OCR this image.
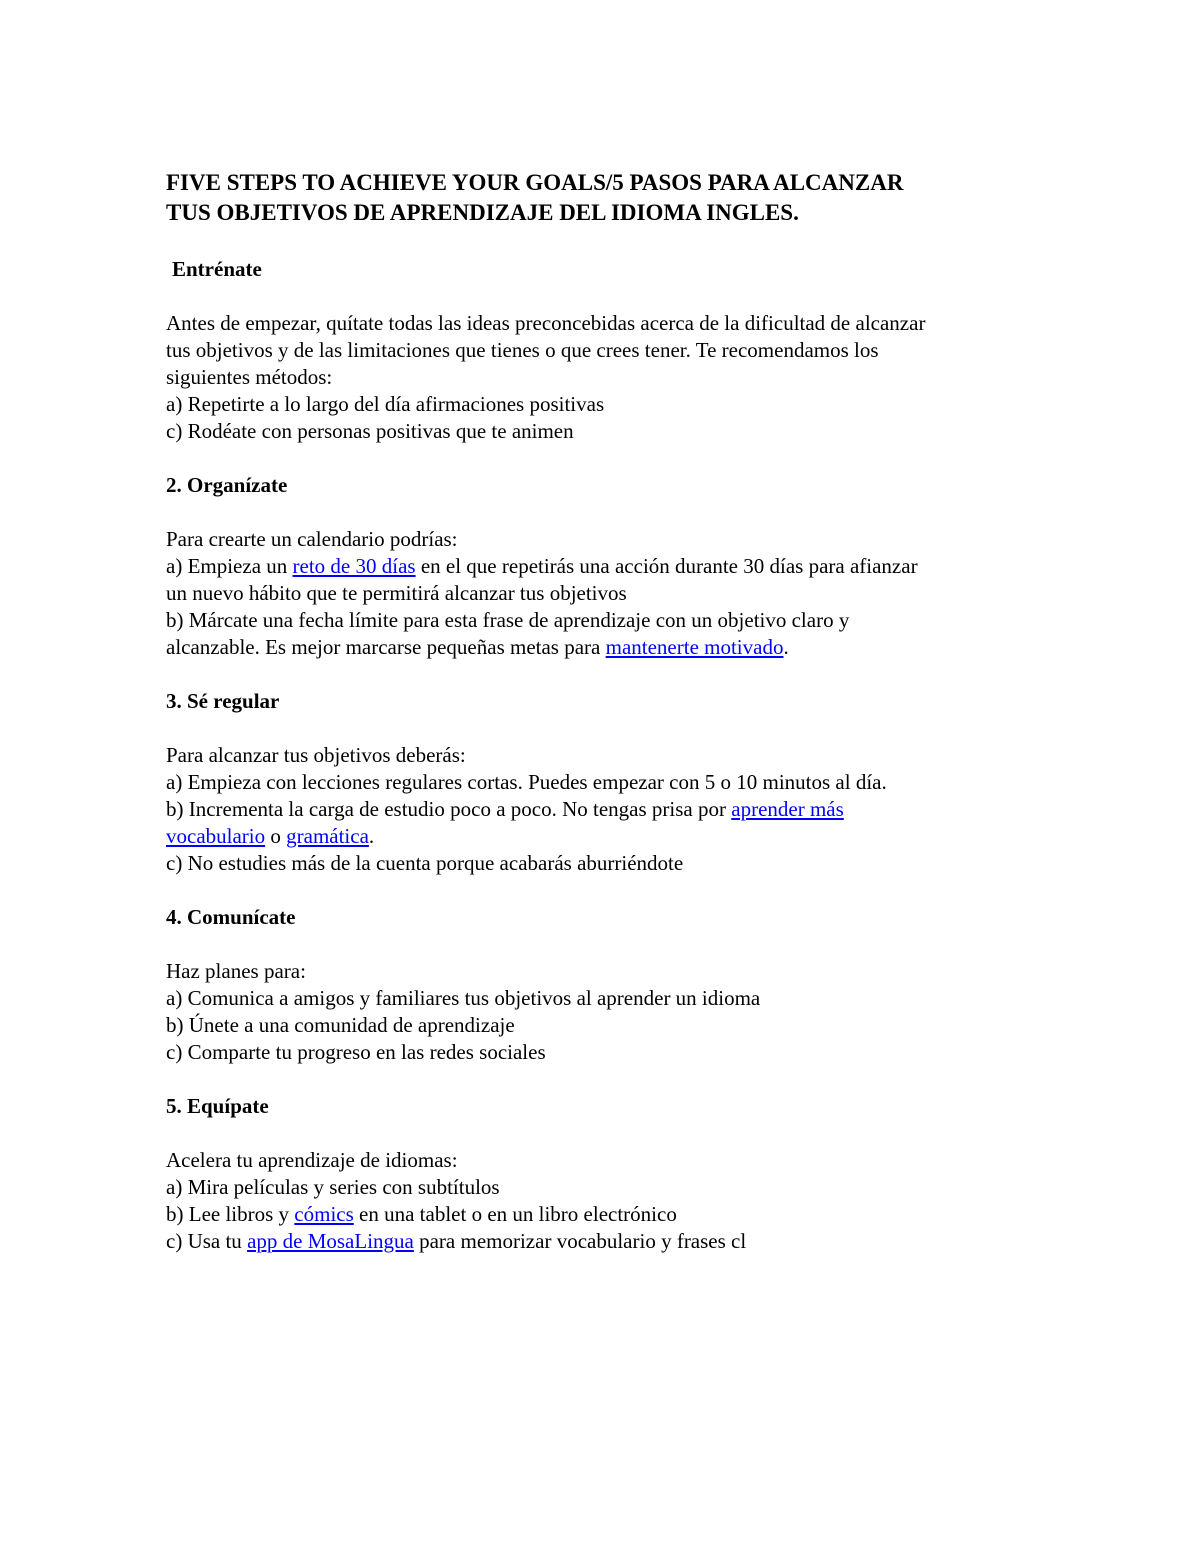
FIVE STEPS TO ACHIEVE YOUR GOALS/5 PASOS PARA ALCANZAR

TUS OBJETIVOS DE APRENDIZAJE DEL IDIOMA INGLES.

Entrénate

Antes de empezar, quítate todas las ideas preconcebidas acerca de la dificultad de alcanzar

tus objetivos y de las limitaciones que tienes o que crees tener. Te recomendamos los

siguientes métodos:

a) Repetirte a lo largo del día afirmaciones positivas

c) Rodéate con personas positivas que te animen

2. Organízate

Para crearte un calendario podrías:

a) Empieza un reto de 30 días en el que repetirás una acción durante 30 días para afianzar

un nuevo hábito que te permitirá alcanzar tus objetivos

b) Márcate una fecha límite para esta frase de aprendizaje con un objetivo claro y

alcanzable. Es mejor marcarse pequeñas metas para mantenerte motivado.

3. Sé regular

Para alcanzar tus objetivos deberás:

a) Empieza con lecciones regulares cortas. Puedes empezar con 5 o 10 minutos al día.

b) Incrementa la carga de estudio poco a poco. No tengas prisa por aprender más

vocabulario o gramática.

c) No estudies más de la cuenta porque acabarás aburriéndote

4. Comunícate

Haz planes para:

a) Comunica a amigos y familiares tus objetivos al aprender un idioma

b) Únete a una comunidad de aprendizaje

c) Comparte tu progreso en las redes sociales

5. Equípate

Acelera tu aprendizaje de idiomas:

a) Mira películas y series con subtítulos

b) Lee libros y cómics en una tablet o en un libro electrónico

c) Usa tu app de MosaLingua para memorizar vocabulario y frases cl
